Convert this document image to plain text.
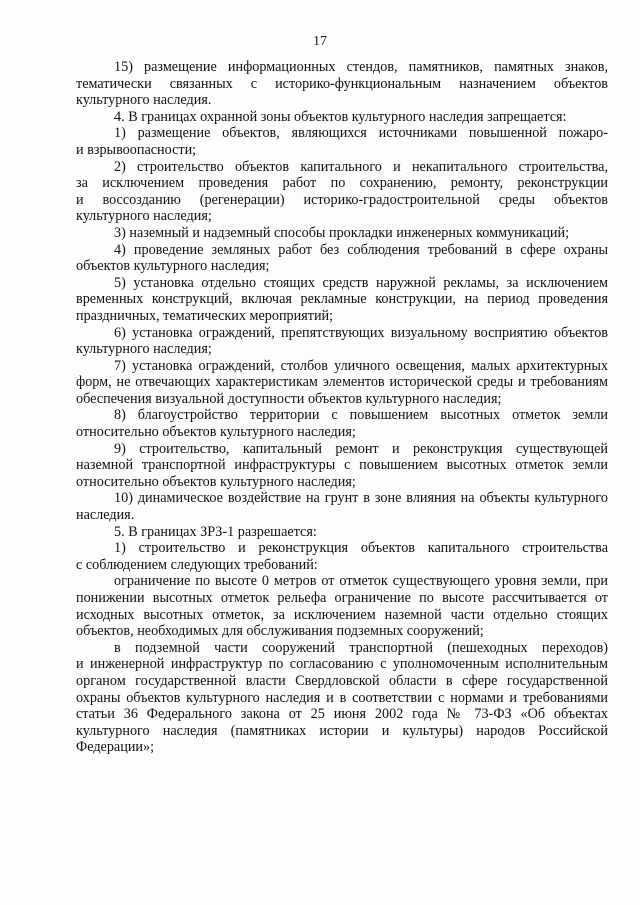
17

15) размещение информационных стендов, памятников, памятных знаков, тематически связанных с историко-функциональным назначением объектов культурного наследия.

4. В границах охранной зоны объектов культурного наследия запрещается:

1) размещение объектов, являющихся источниками повышенной пожаро- и взрывоопасности;

2) строительство объектов капитального и некапитального строительства, за исключением проведения работ по сохранению, ремонту, реконструкции и воссозданию (регенерации) историко-градостроительной среды объектов культурного наследия;

3) наземный и надземный способы прокладки инженерных коммуникаций;

4) проведение земляных работ без соблюдения требований в сфере охраны объектов культурного наследия;

5) установка отдельно стоящих средств наружной рекламы, за исключением временных конструкций, включая рекламные конструкции, на период проведения праздничных, тематических мероприятий;

6) установка ограждений, препятствующих визуальному восприятию объектов культурного наследия;

7) установка ограждений, столбов уличного освещения, малых архитектурных форм, не отвечающих характеристикам элементов исторической среды и требованиям обеспечения визуальной доступности объектов культурного наследия;

8) благоустройство территории с повышением высотных отметок земли относительно объектов культурного наследия;

9) строительство, капитальный ремонт и реконструкция существующей наземной транспортной инфраструктуры с повышением высотных отметок земли относительно объектов культурного наследия;

10) динамическое воздействие на грунт в зоне влияния на объекты культурного наследия.

5. В границах ЗРЗ-1 разрешается:

1) строительство и реконструкция объектов капитального строительства с соблюдением следующих требований:

ограничение по высоте 0 метров от отметок существующего уровня земли, при понижении высотных отметок рельефа ограничение по высоте рассчитывается от исходных высотных отметок, за исключением наземной части отдельно стоящих объектов, необходимых для обслуживания подземных сооружений;

в подземной части сооружений транспортной (пешеходных переходов) и инженерной инфраструктур по согласованию с уполномоченным исполнительным органом государственной власти Свердловской области в сфере государственной охраны объектов культурного наследия и в соответствии с нормами и требованиями статьи 36 Федерального закона от 25 июня 2002 года № 73-ФЗ «Об объектах культурного наследия (памятниках истории и культуры) народов Российской Федерации»;
